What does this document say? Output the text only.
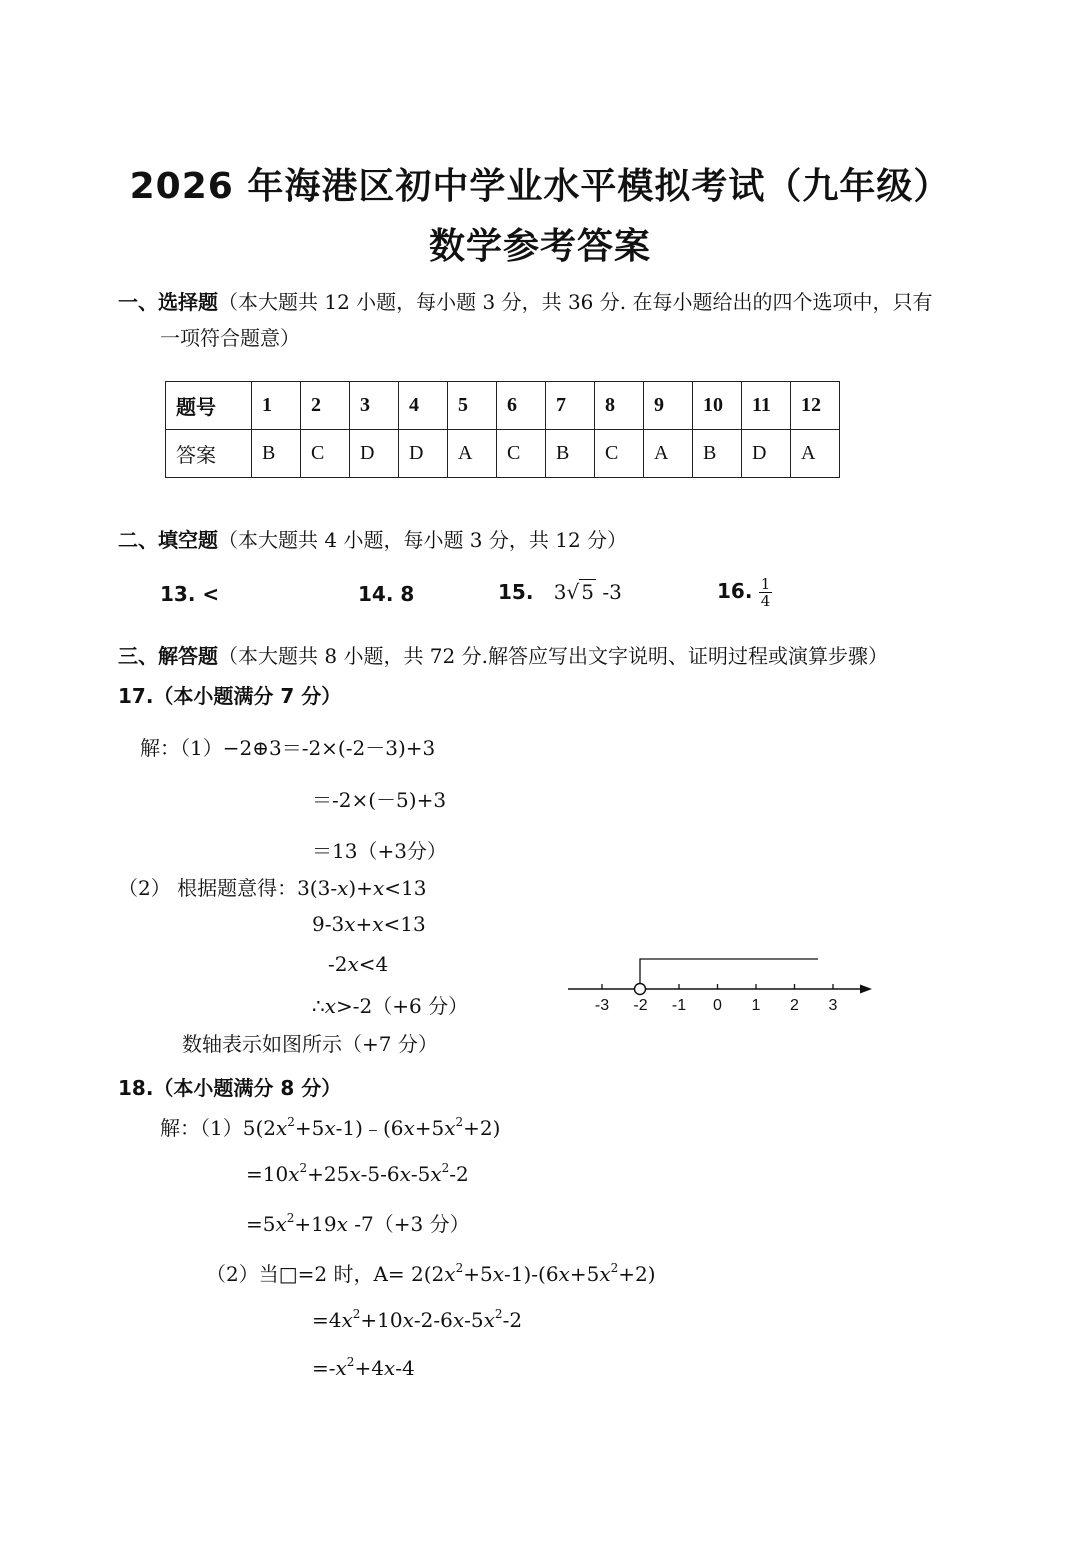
2026 年海港区初中学业水平模拟考试（九年级）
数学参考答案
一、选择题（本大题共 12 小题，每小题 3 分，共 36 分. 在每小题给出的四个选项中，只有
一项符合题意）
题号	1	2	3	4	5	6	7	8	9	10	11	12
答案	B	C	D	D	A	C	B	C	A	B	D	A
二、填空题（本大题共 4 小题，每小题 3 分，共 12 分）
13. <	14. 8	15. 3√ 5 -3	16. $\frac{1}{4}$
三、解答题（本大题共 8 小题，共 72 分.解答应写出文字说明、证明过程或演算步骤）
17.（本小题满分 7 分）
解：（1）−2⊕3＝-2×(-2－3)+3
＝-2×(－5)+3
＝13（+3分）
（2） 根据题意得：3(3-x)+x<13
9-3x+x<13
-2x<4
∴x>-2（+6 分）
数轴表示如图所示（+7 分）
-3 -2 -1 0 1 2 3
18.（本小题满分 8 分）
解：$(1)5(2x^2+5x-1)﹣(6x+5x^2+2)$
$=10x^2+25x-5-6x-5x^2-2$
$=5x^2+19x$ -7（+3 分）
（2）当□=2 时，$A= 2(2x^2+5x-1)-(6x+5x^2+2)$
$=4x^2+10x-2-6x-5x^2-2$
$=-x^2+4x-4$
